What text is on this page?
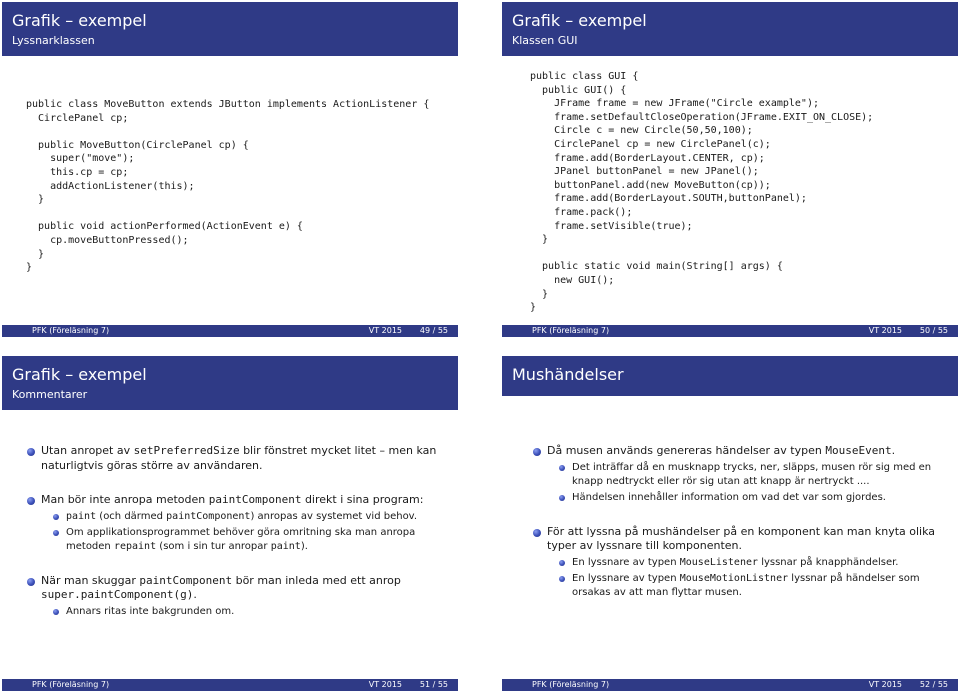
Grafik – exempel
Lyssnarklassen
public class MoveButton extends JButton implements ActionListener {
CirclePanel cp;

public MoveButton(CirclePanel cp) {
super("move");
this.cp = cp;
addActionListener(this);
}

public void actionPerformed(ActionEvent e) {
cp.moveButtonPressed();
}
}
PFK (Föreläsning 7)	VT 2015 49 / 55
Grafik – exempel
Klassen GUI
public class GUI {
public GUI() {
JFrame frame = new JFrame("Circle example");
frame.setDefaultCloseOperation(JFrame.EXIT_ON_CLOSE);
Circle c = new Circle(50,50,100);
CirclePanel cp = new CirclePanel(c);
frame.add(BorderLayout.CENTER, cp);
JPanel buttonPanel = new JPanel();
buttonPanel.add(new MoveButton(cp));
frame.add(BorderLayout.SOUTH,buttonPanel);
frame.pack();
frame.setVisible(true);
}

public static void main(String[] args) {
new GUI();
}
}
PFK (Föreläsning 7)	VT 2015 50 / 55
Grafik – exempel
Kommentarer
Utan anropet av setPreferredSize blir fönstret mycket litet – men kan naturligtvis göras större av användaren.
Man bör inte anropa metoden paintComponent direkt i sina program:
paint (och därmed paintComponent) anropas av systemet vid behov.
Om applikationsprogrammet behöver göra omritning ska man anropa metoden repaint (som i sin tur anropar paint).
När man skuggar paintComponent bör man inleda med ett anrop super.paintComponent(g).
Annars ritas inte bakgrunden om.
PFK (Föreläsning 7)	VT 2015 51 / 55
Mushändelser
Då musen används genereras händelser av typen MouseEvent.
Det inträffar då en musknapp trycks, ner, släpps, musen rör sig med en knapp nedtryckt eller rör sig utan att knapp är nertryckt ....
Händelsen innehåller information om vad det var som gjordes.
För att lyssna på mushändelser på en komponent kan man knyta olika typer av lyssnare till komponenten.
En lyssnare av typen MouseListener lyssnar på knapphändelser.
En lyssnare av typen MouseMotionListner lyssnar på händelser som orsakas av att man flyttar musen.
PFK (Föreläsning 7)	VT 2015 52 / 55
